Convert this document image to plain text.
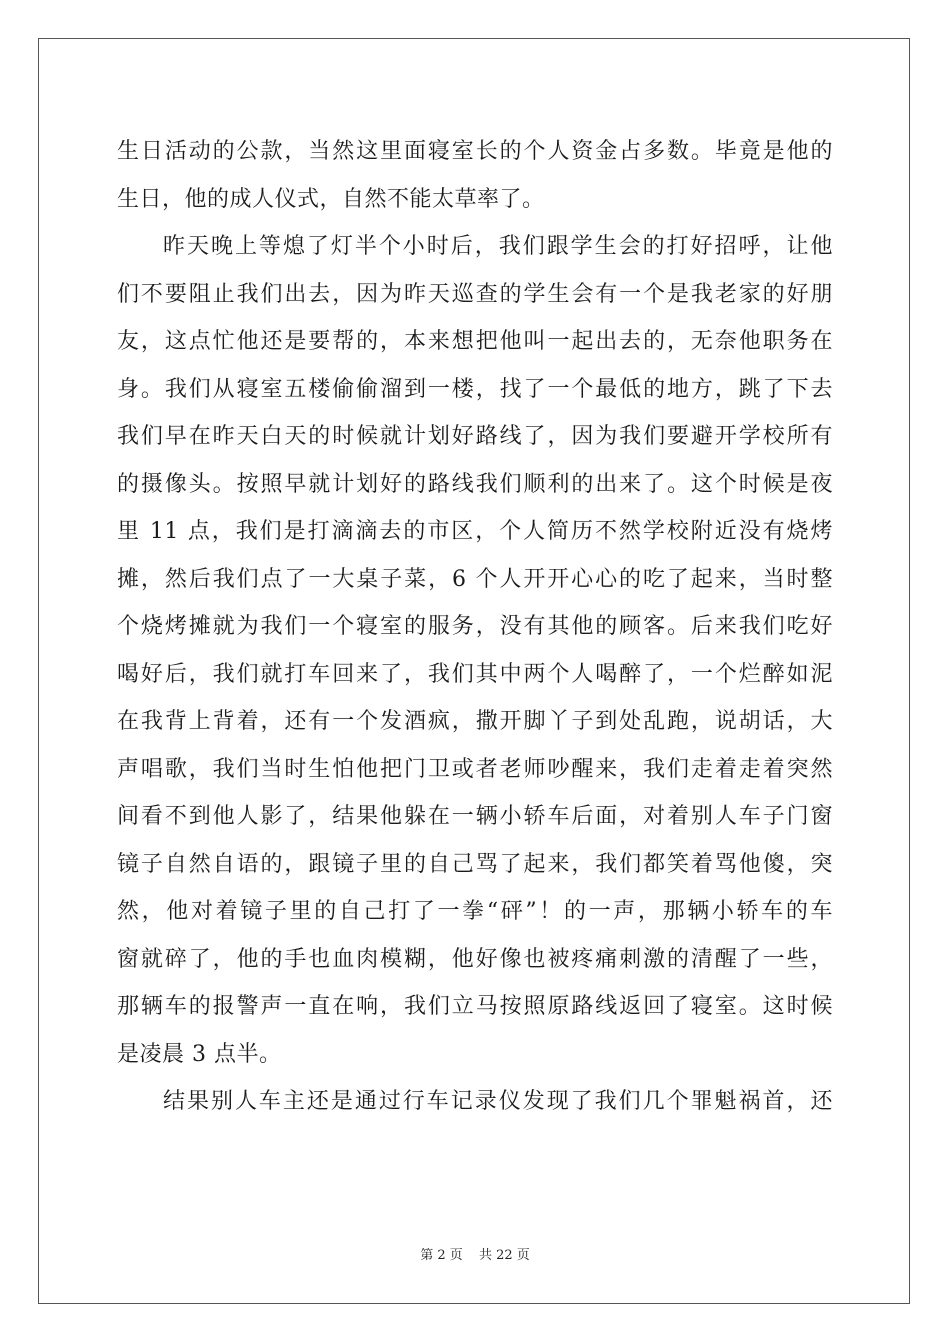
生日活动的公款，当然这里面寝室长的个人资金占多数。毕竟是他的
生日，他的成人仪式，自然不能太草率了。
昨天晚上等熄了灯半个小时后，我们跟学生会的打好招呼，让他
们不要阻止我们出去，因为昨天巡查的学生会有一个是我老家的好朋
友，这点忙他还是要帮的，本来想把他叫一起出去的，无奈他职务在
身。我们从寝室五楼偷偷溜到一楼，找了一个最低的地方，跳了下去
我们早在昨天白天的时候就计划好路线了，因为我们要避开学校所有
的摄像头。按照早就计划好的路线我们顺利的出来了。这个时候是夜
里 11 点，我们是打滴滴去的市区，个人简历不然学校附近没有烧烤
摊，然后我们点了一大桌子菜，6 个人开开心心的吃了起来，当时整
个烧烤摊就为我们一个寝室的服务，没有其他的顾客。后来我们吃好
喝好后，我们就打车回来了，我们其中两个人喝醉了，一个烂醉如泥
在我背上背着，还有一个发酒疯，撒开脚丫子到处乱跑，说胡话，大
声唱歌，我们当时生怕他把门卫或者老师吵醒来，我们走着走着突然
间看不到他人影了，结果他躲在一辆小轿车后面，对着别人车子门窗
镜子自然自语的，跟镜子里的自己骂了起来，我们都笑着骂他傻，突
然，他对着镜子里的自己打了一拳“砰”！的一声，那辆小轿车的车
窗就碎了，他的手也血肉模糊，他好像也被疼痛刺激的清醒了一些，
那辆车的报警声一直在响，我们立马按照原路线返回了寝室。这时候
是凌晨 3 点半。
结果别人车主还是通过行车记录仪发现了我们几个罪魁祸首，还
第 2 页 共 22 页
